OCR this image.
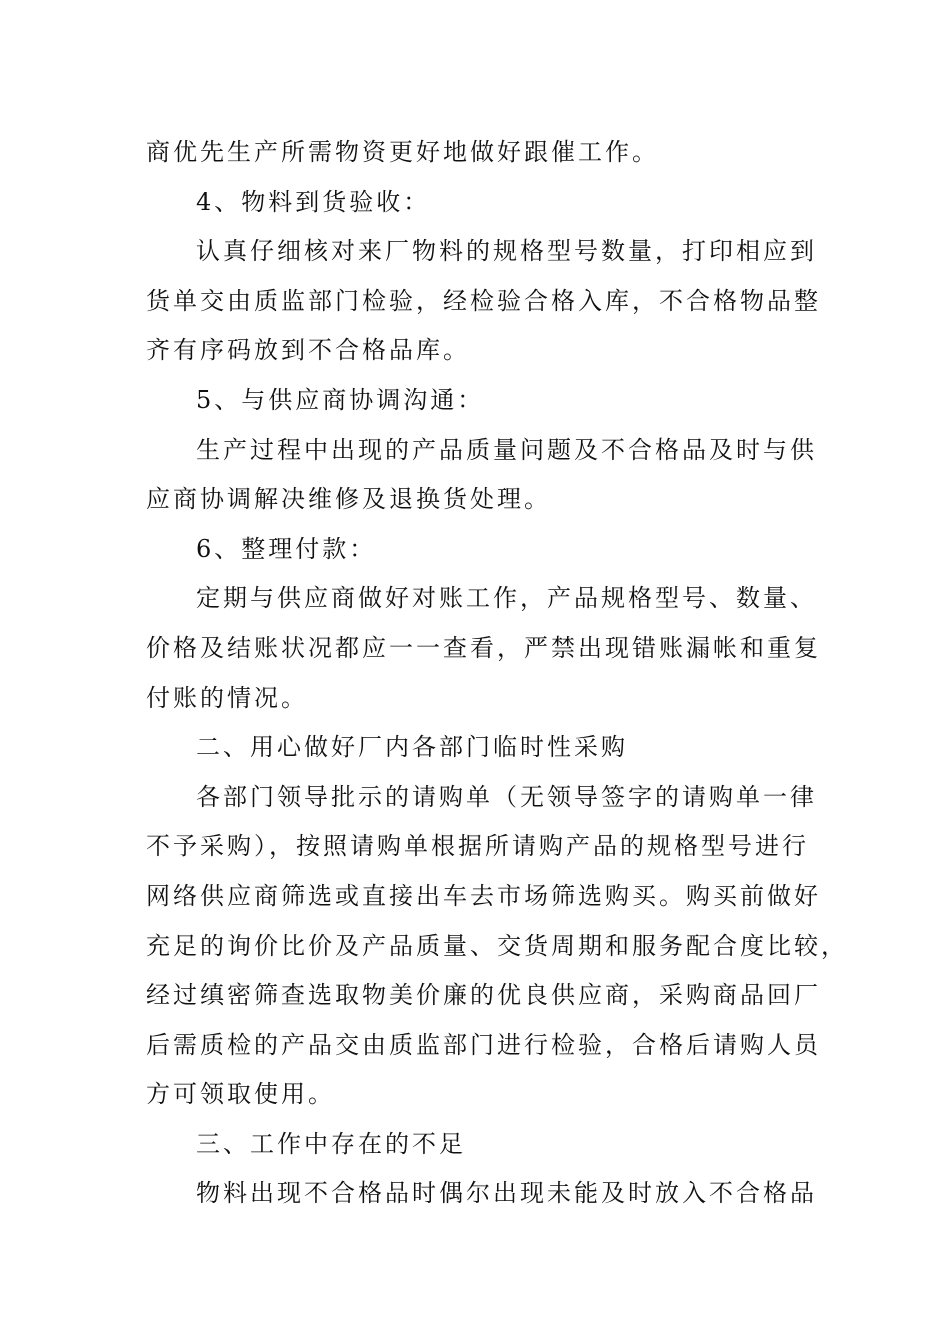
商优先生产所需物资更好地做好跟催工作。
4、物料到货验收：
认真仔细核对来厂物料的规格型号数量，打印相应到
货单交由质监部门检验，经检验合格入库，不合格物品整
齐有序码放到不合格品库。
5、与供应商协调沟通：
生产过程中出现的产品质量问题及不合格品及时与供
应商协调解决维修及退换货处理。
6、整理付款：
定期与供应商做好对账工作，产品规格型号、数量、
价格及结账状况都应一一查看，严禁出现错账漏帐和重复
付账的情况。
二、用心做好厂内各部门临时性采购
各部门领导批示的请购单（无领导签字的请购单一律
不予采购），按照请购单根据所请购产品的规格型号进行
网络供应商筛选或直接出车去市场筛选购买。购买前做好
充足的询价比价及产品质量、交货周期和服务配合度比较，
经过缜密筛查选取物美价廉的优良供应商，采购商品回厂
后需质检的产品交由质监部门进行检验，合格后请购人员
方可领取使用。
三、工作中存在的不足
物料出现不合格品时偶尔出现未能及时放入不合格品
